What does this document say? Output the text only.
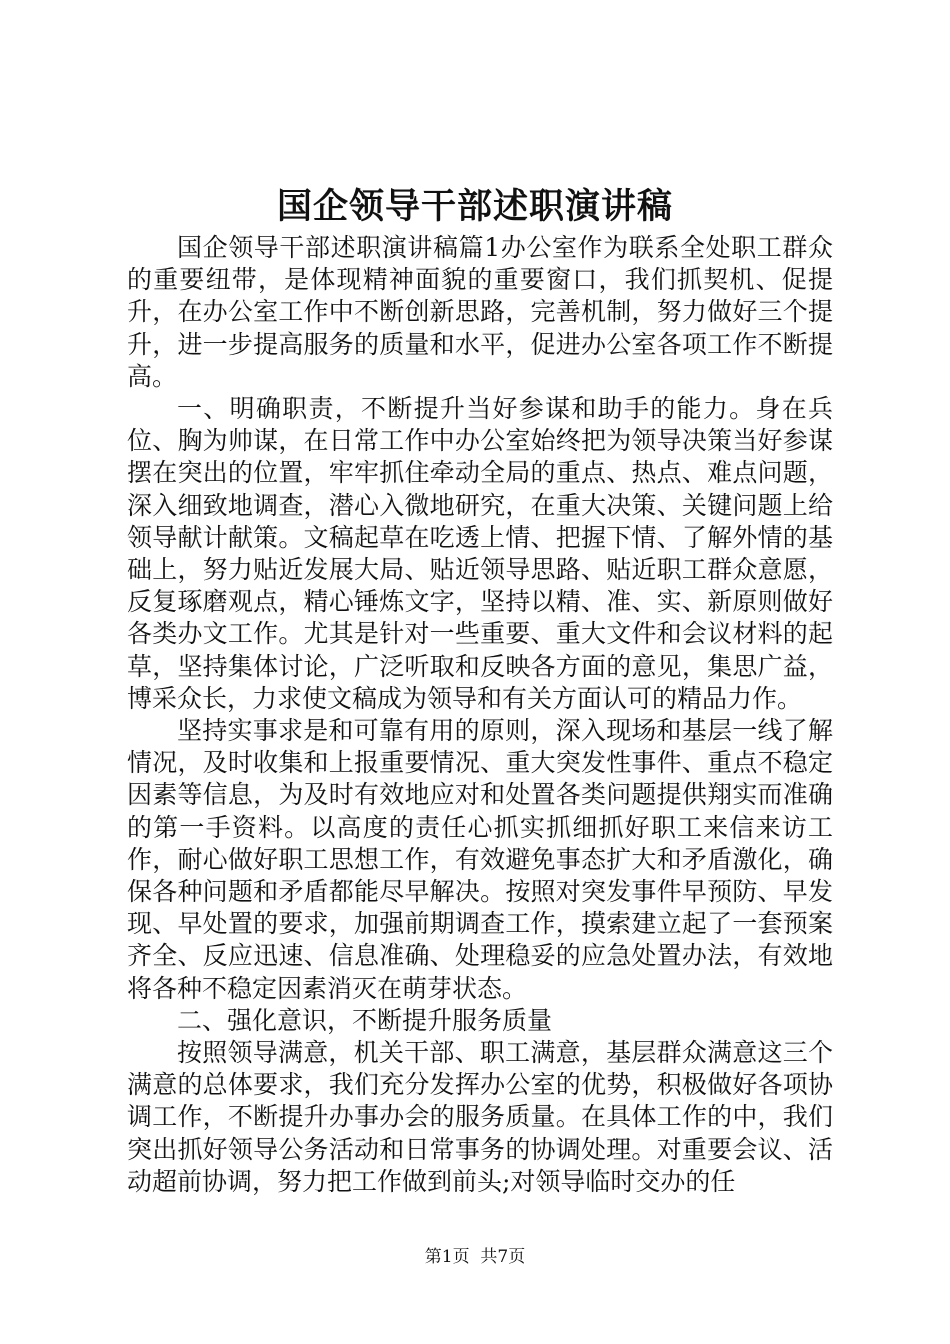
国企领导干部述职演讲稿

国企领导干部述职演讲稿篇1办公室作为联系全处职工群众的重要纽带，是体现精神面貌的重要窗口，我们抓契机、促提升，在办公室工作中不断创新思路，完善机制，努力做好三个提升，进一步提高服务的质量和水平，促进办公室各项工作不断提高。

一、明确职责，不断提升当好参谋和助手的能力。身在兵位、胸为帅谋，在日常工作中办公室始终把为领导决策当好参谋摆在突出的位置，牢牢抓住牵动全局的重点、热点、难点问题，深入细致地调查，潜心入微地研究，在重大决策、关键问题上给领导献计献策。文稿起草在吃透上情、把握下情、了解外情的基础上，努力贴近发展大局、贴近领导思路、贴近职工群众意愿，反复琢磨观点，精心锤炼文字，坚持以精、准、实、新原则做好各类办文工作。尤其是针对一些重要、重大文件和会议材料的起草，坚持集体讨论，广泛听取和反映各方面的意见，集思广益，博采众长，力求使文稿成为领导和有关方面认可的精品力作。

坚持实事求是和可靠有用的原则，深入现场和基层一线了解情况，及时收集和上报重要情况、重大突发性事件、重点不稳定因素等信息，为及时有效地应对和处置各类问题提供翔实而准确的第一手资料。以高度的责任心抓实抓细抓好职工来信来访工作，耐心做好职工思想工作，有效避免事态扩大和矛盾激化，确保各种问题和矛盾都能尽早解决。按照对突发事件早预防、早发现、早处置的要求，加强前期调查工作，摸索建立起了一套预案齐全、反应迅速、信息准确、处理稳妥的应急处置办法，有效地将各种不稳定因素消灭在萌芽状态。

二、强化意识，不断提升服务质量

按照领导满意，机关干部、职工满意，基层群众满意这三个满意的总体要求，我们充分发挥办公室的优势，积极做好各项协调工作，不断提升办事办会的服务质量。在具体工作的中，我们突出抓好领导公务活动和日常事务的协调处理。对重要会议、活动超前协调，努力把工作做到前头;对领导临时交办的任

第1页 共7页
